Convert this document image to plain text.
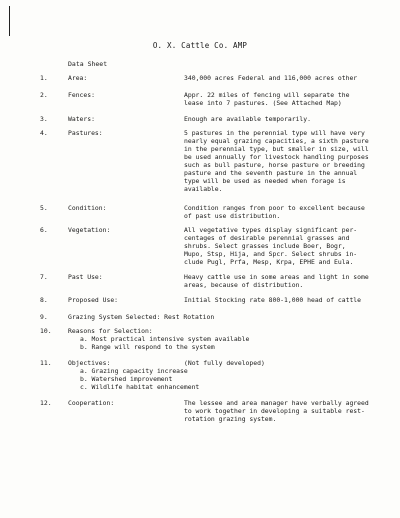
O. X. Cattle Co. AMP
Data Sheet
1.	Area:	340,000 acres Federal and 116,000 acres other
2.	Fences:	Appr. 22 miles of fencing will separate the
lease into 7 pastures. (See Attached Map)
3.	Waters:	Enough are available temporarily.
4.	Pastures:	5 pastures in the perennial type will have very
nearly equal grazing capacities, a sixth pasture
in the perennial type, but smaller in size, will
be used annually for livestock handling purposes
such as bull pasture, horse pasture or breeding
pasture and the seventh pasture in the annual
type will be used as needed when forage is
available.
5.	Condition:	Condition ranges from poor to excellent because
of past use distribution.
6.	Vegetation:	All vegetative types display significant per-
centages of desirable perennial grasses and
shrubs. Select grasses include Boer, Bogr,
Mupo, Stsp, Hija, and Spcr. Select shrubs in-
clude Pugl, Prfa, Mesp, Krpa, EPHE and Eula.
7.	Past Use:	Heavy cattle use in some areas and light in some
areas, because of distribution.
8.	Proposed Use:	Initial Stocking rate 800-1,000 head of cattle
9.	Grazing System Selected: Rest Rotation
10.	Reasons for Selection:
a. Most practical intensive system available
b. Range will respond to the system
11.	Objectives:	(Not fully developed)
a. Grazing capacity increase
b. Watershed improvement
c. Wildlife habitat enhancement
12.	Cooperation:	The lessee and area manager have verbally agreed
to work together in developing a suitable rest-
rotation grazing system.
